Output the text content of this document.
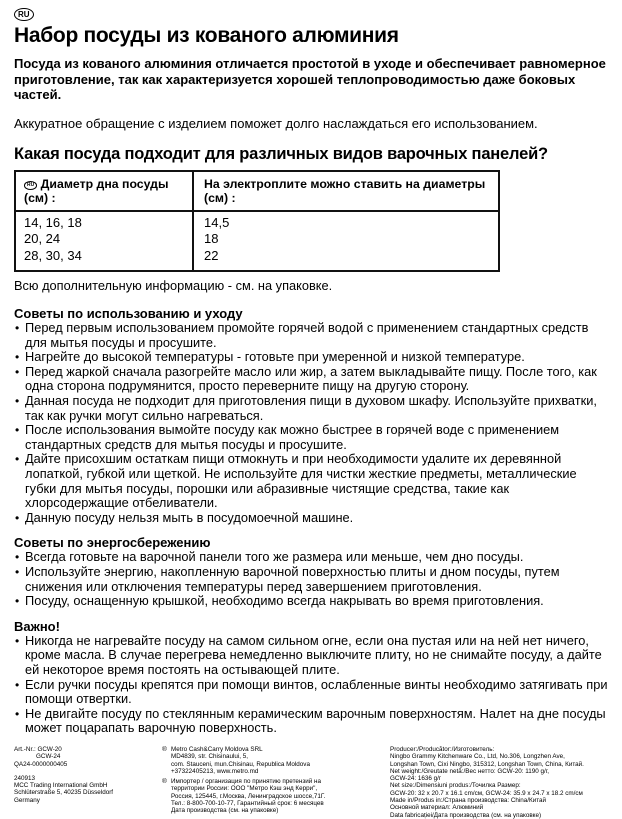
RU
Набор посуды из кованого алюминия

Посуда из кованого алюминия отличается простотой в уходе и обеспечивает равномерное приготовление, так как характеризуется хорошей теплопроводимостью даже боковых частей.

Аккуратное обращение с изделием поможет долго наслаждаться его использованием.

Какая посуда подходит для различных видов варочных панелей?
RU Диаметр дна посуды (см) :
На электроплите можно ставить на диаметры (см) :
14, 16, 18
20, 24
28, 30, 34
14,5
18
22

Всю дополнительную информацию - см. на упаковке.

Советы по использованию и уходу

• Перед первым использованием промойте горячей водой с применением стандартных средств для мытья посуды и просушите.
• Нагрейте до высокой температуры - готовьте при умеренной и низкой температуре.
• Перед жаркой сначала разогрейте масло или жир, а затем выкладывайте пищу. После того, как одна сторона подрумянится, просто переверните пищу на другую сторону.
• Данная посуда не подходит для приготовления пищи в духовом шкафу. Используйте прихватки, так как ручки могут сильно нагреваться.
• После использования вымойте посуду как можно быстрее в горячей воде с применением стандартных средств для мытья посуды и просушите.
• Дайте присохшим остаткам пищи отмокнуть и при необходимости удалите их деревянной лопаткой, губкой или щеткой. Не используйте для чистки жесткие предметы, металлические губки для мытья посуды, порошки или абразивные чистящие средства, такие как хлорсодержащие отбеливатели.
• Данную посуду нельзя мыть в посудомоечной машине.

Советы по энергосбережению

• Всегда готовьте на варочной панели того же размера или меньше, чем дно посуды.
• Используйте энергию, накопленную варочной поверхностью плиты и дном посуды, путем снижения или отключения температуры перед завершением приготовления.
• Посуду, оснащенную крышкой, необходимо всегда накрывать во время приготовления.

Важно!

• Никогда не нагревайте посуду на самом сильном огне, если она пустая или на ней нет ничего, кроме масла. В случае перегрева немедленно выключите плиту, но не снимайте посуду, а дайте ей некоторое время постоять на остывающей плите.
• Если ручки посуды крепятся при помощи винтов, ослабленные винты необходимо затягивать при помощи отвертки.
• Не двигайте посуду по стеклянным керамическим варочным поверхностям. Налет на дне посуды может поцарапать варочную поверхность.
Art.-Nr.: GCW-20
GCW-24
QA24-0000000405
240913
MCC Trading International GmbH
Schlüterstraße 5, 40235 Düsseldorf
Germany
® Metro Cash&Carry Moldova SRL
MD4839, str. Chisinaului, 5,
com. Stauceni, mun.Chisinau, Republica Moldova
+37322405213, www.metro.md
® Импортер / организация по принятию претензий на
территории России: ООО "Метро Кэш энд Керри",
Россия, 125445, г.Москва, Ленинградское шоссе,71Г.
Тел.: 8-800-700-10-77, Гарантийный срок: 6 месяцев
Дата производства (см. на упаковке)
Producer:/Producător:/Изготовитель:
Ningbo Grammy Kitchenware Co., Ltd, No.306, Longzhen Ave,
Longshan Town, Cixi Ningbo, 315312, Longshan Town, China, Китай.
Net weight:/Greutate netă:/Вес нетто: GCW-20: 1190 g/г,
GCW-24: 1636 g/г
Net size:/Dimensiuni produs:/Точилка Размер:
GCW-20: 32 x 20.7 x 16.1 cm/см, GCW-24: 35.9 x 24.7 x 18.2 cm/см
Made in/Produs in:/Страна производства: China/Китай
Основной материал: Алюминий
Data fabricației/Дата производства (см. на упаковке)
